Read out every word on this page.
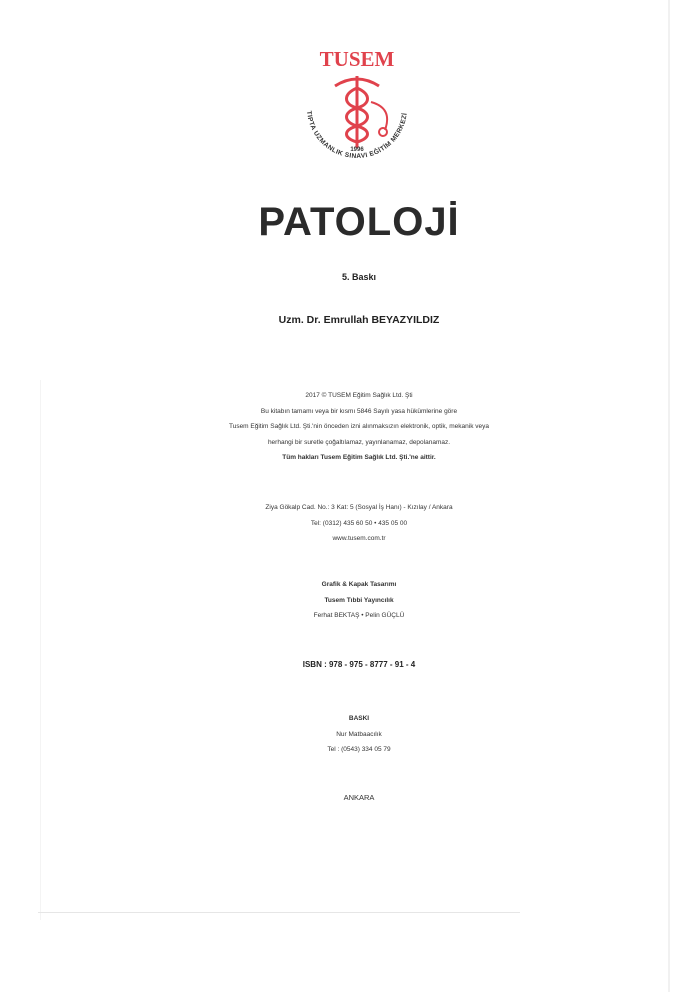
TUSEM
TIPTA UZMANLIK SINAVI EĞİTİM MERKEZİ
1996
PATOLOJİ
5. Baskı
Uzm. Dr. Emrullah BEYAZYILDIZ
2017 © TUSEM Eğitim Sağlık Ltd. Şti
Bu kitabın tamamı veya bir kısmı 5846 Sayılı yasa hükümlerine göre
Tusem Eğitim Sağlık Ltd. Şti.'nin önceden izni alınmaksızın elektronik, optik, mekanik veya
herhangi bir suretle çoğaltılamaz, yayınlanamaz, depolanamaz.
Tüm hakları Tusem Eğitim Sağlık Ltd. Şti.'ne aittir.
Ziya Gökalp Cad. No.: 3 Kat: 5 (Sosyal İş Hanı) - Kızılay / Ankara
Tel: (0312) 435 60 50 • 435 05 00
www.tusem.com.tr
Grafik & Kapak Tasarımı
Tusem Tıbbi Yayıncılık
Ferhat BEKTAŞ • Pelin GÜÇLÜ
ISBN : 978 - 975 - 8777 - 91 - 4
BASKI
Nur Matbaacılık
Tel : (0543) 334 05 79
ANKARA
